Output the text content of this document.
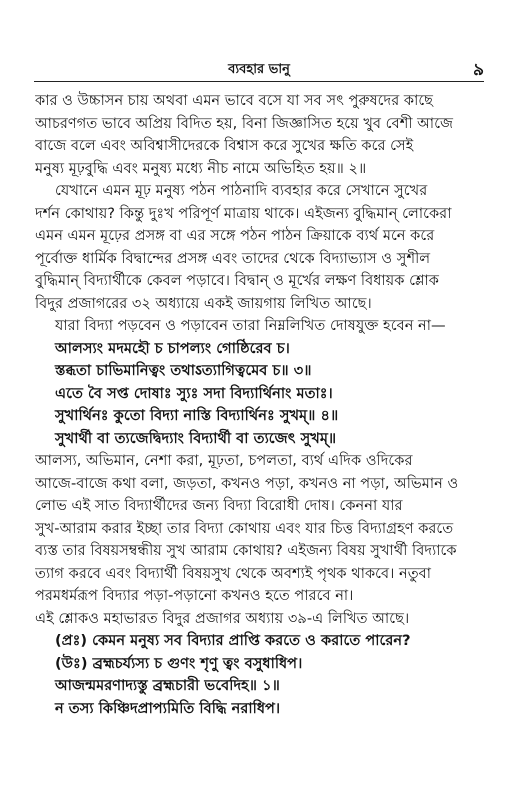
ব্যবহার ভানু	৯

কার ও উচ্চাসন চায় অথবা এমন ভাবে বসে যা সব সৎ পুরুষদের কাছে

আচরণগত ভাবে অপ্রিয় বিদিত হয়, বিনা জিজ্ঞাসিত হয়ে খুব বেশী আজে

বাজে বলে এবং অবিশ্বাসীদেরকে বিশ্বাস করে সুখের ক্ষতি করে সেই

মনুষ্য মূঢ়বুদ্ধি এবং মনুষ্য মধ্যে নীচ নামে অভিহিত হয়॥ ২॥

যেখানে এমন মূঢ় মনুষ্য পঠন পাঠনাদি ব্যবহার করে সেখানে সুখের

দর্শন কোথায়? কিন্তু দুঃখ পরিপূর্ণ মাত্রায় থাকে। এইজন্য বুদ্ধিমান্ লোকেরা

এমন এমন মূঢ়ের প্রসঙ্গ বা এর সঙ্গে পঠন পাঠন ক্রিয়াকে ব্যর্থ মনে করে

পূর্বোক্ত ধার্মিক বিদ্বান্দের প্রসঙ্গ এবং তাদের থেকে বিদ্যাভ্যাস ও সুশীল

বুদ্ধিমান্ বিদ্যার্থীকে কেবল পড়াবে। বিদ্বান্ ও মূর্খের লক্ষণ বিধায়ক শ্লোক

বিদুর প্রজাগরের ৩২ অধ্যায়ে একই জায়গায় লিখিত আছে।

যারা বিদ্যা পড়বেন ও পড়াবেন তারা নিম্নলিখিত দোষযুক্ত হবেন না—

আলস্যং মদমহৌ চ চাপল্যং গোষ্ঠিরেব চ।

স্তব্ধতা চাভিমানিত্বং তথাऽত্যাগিত্বমেব চ॥ ৩॥

এতে বৈ সপ্ত দোষাঃ স্যুঃ সদা বিদ্যার্থিনাং মতাঃ।

সুখার্থিনঃ কুতো বিদ্যা নাস্তি বিদ্যার্থিনঃ সুখম্॥ ৪॥

সুখার্থী বা ত্যজেদ্বিদ্যাং বিদ্যার্থী বা ত্যজেৎ সুখম্॥

আলস্য, অভিমান, নেশা করা, মূঢ়তা, চপলতা, ব্যর্থ এদিক ওদিকের

আজে-বাজে কথা বলা, জড়তা, কখনও পড়া, কখনও না পড়া, অভিমান ও

লোভ এই সাত বিদ্যার্থীদের জন্য বিদ্যা বিরোধী দোষ। কেননা যার

সুখ-আরাম করার ইচ্ছা তার বিদ্যা কোথায় এবং যার চিত্ত বিদ্যাগ্রহণ করতে

ব্যস্ত তার বিষয়সম্বন্ধীয় সুখ আরাম কোথায়? এইজন্য বিষয় সুখার্থী বিদ্যাকে

ত্যাগ করবে এবং বিদ্যার্থী বিষয়সুখ থেকে অবশ্যই পৃথক থাকবে। নতুবা

পরমধর্মরূপ বিদ্যার পড়া-পড়ানো কখনও হতে পারবে না।

এই শ্লোকও মহাভারত বিদুর প্রজাগর অধ্যায় ৩৯-এ লিখিত আছে।

(প্রঃ) কেমন মনুষ্য সব বিদ্যার প্রাপ্তি করতে ও করাতে পারেন?

(উঃ) ব্রহ্মচর্য্যস্য চ গুণং শৃণু ত্বং বসুধাধিপ।

আজন্মমরণাদ্যস্তু ব্রহ্মচারী ভবেদিহ॥ ১॥

ন তস্য কিঞ্চিদপ্রাপ্যমিতি বিদ্ধি নরাধিপ।
